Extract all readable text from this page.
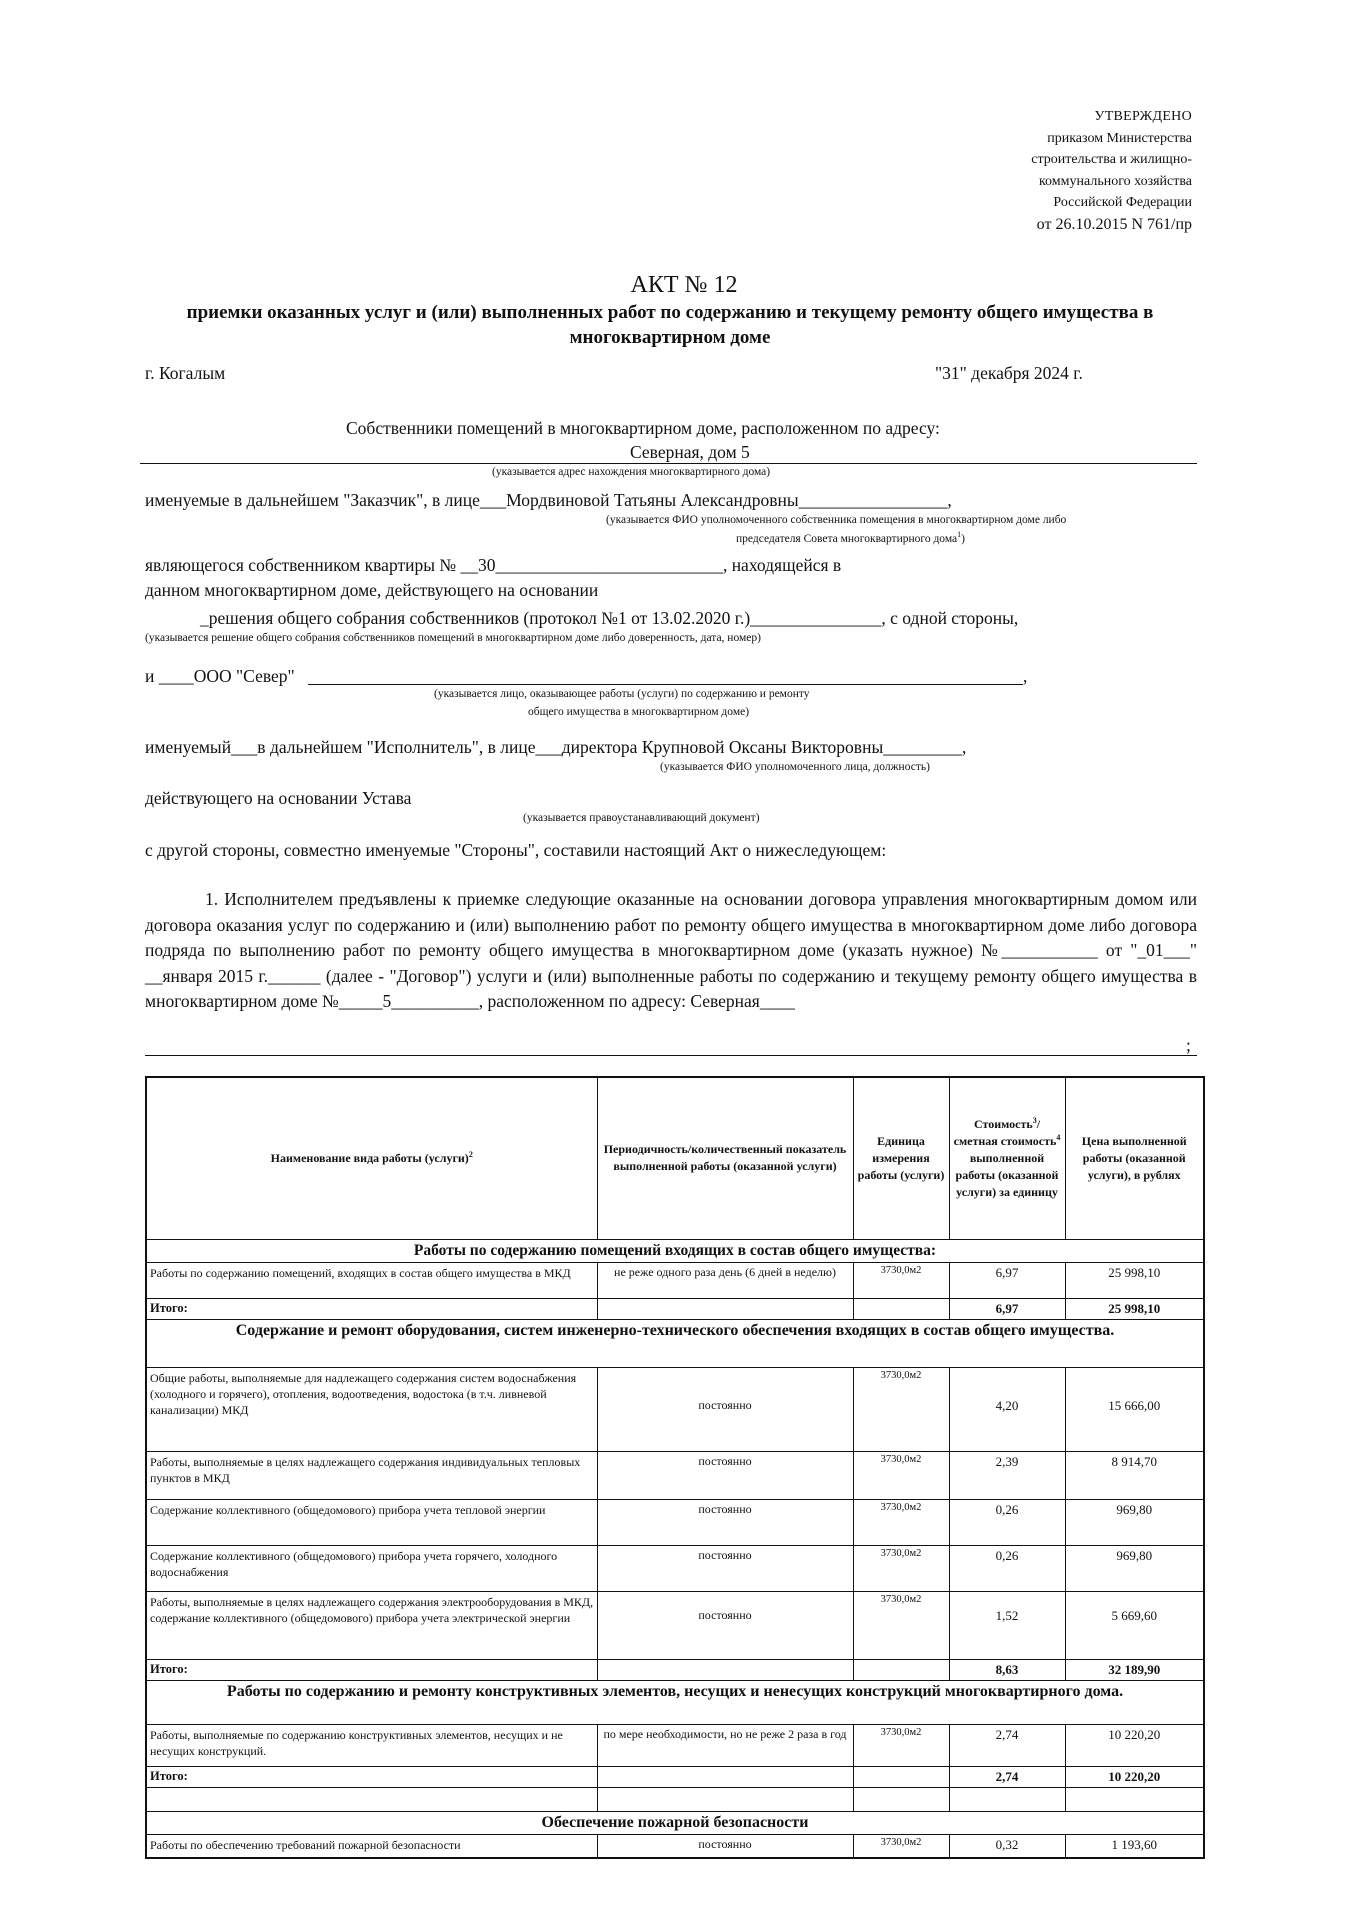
УТВЕРЖДЕНО
приказом Министерства
строительства и жилищно-
коммунального хозяйства
Российской Федерации
от 26.10.2015 N 761/пр
АКТ № 12
приемки оказанных услуг и (или) выполненных работ по содержанию и текущему ремонту общего имущества в многоквартирном доме
г. Когалым	"31" декабря 2024 г.
Собственники помещений в многоквартирном доме, расположенном по адресу:
Северная, дом 5
(указывается адрес нахождения многоквартирного дома)
именуемые в дальнейшем "Заказчик", в лице___Мордвиновой Татьяны Александровны_________________,
(указывается ФИО уполномоченного собственника помещения в многоквартирном доме либо
председателя Совета многоквартирного дома$^1$)
являющегося собственником квартиры № __30__________________________, находящейся в
данном многоквартирном доме, действующего на основании
_решения общего собрания собственников (протокол №1 от 13.02.2020 г.)_______________, с одной стороны,
(указывается решение общего собрания собственников помещений в многоквартирном доме либо доверенность, дата, номер)
и ____ООО "Север"	,
(указывается лицо, оказывающее работы (услуги) по содержанию и ремонту
общего имущества в многоквартирном доме)
именуемый___в дальнейшем "Исполнитель", в лице___директора Крупновой Оксаны Викторовны_________,
(указывается ФИО уполномоченного лица, должность)
действующего на основании Устава
(указывается правоустанавливающий документ)
с другой стороны, совместно именуемые "Стороны", составили настоящий Акт о нижеследующем:
1. Исполнителем предъявлены к приемке следующие оказанные на основании договора управления многоквартирным домом или договора оказания услуг по содержанию и (или) выполнению работ по ремонту общего имущества в многоквартирном доме либо договора подряда по выполнению работ по ремонту общего имущества в многоквартирном доме (указать нужное) №___________ от "_01___" __января 2015 г.______ (далее - "Договор") услуги и (или) выполненные работы по содержанию и текущему ремонту общего имущества в многоквартирном доме №_____5__________, расположенном по адресу: Северная____
;
Наименование вида работы (услуги)$^2$	Периодичность/количественный показатель выполненной работы (оказанной услуги)	Единица измерения работы (услуги)	Стоимость$^3$/сметная стоимость$^4$ выполненной работы (оказанной услуги) за единицу	Цена выполненной работы (оказанной услуги), в рублях
Работы по содержанию помещений входящих в состав общего имущества:				
Работы по содержанию помещений, входящих в состав общего имущества в МКД	не реже одного раза день (6 дней в неделю)	3730,0м2	6,97	25 998,10
Итого:			6,97	25 998,10
Содержание и ремонт оборудования, систем инженерно-технического обеспечения входящих в состав общего имущества.				
Общие работы, выполняемые для надлежащего содержания систем водоснабжения (холодного и горячего), отопления, водоотведения, водостока (в т.ч. ливневой канализации) МКД	постоянно	3730,0м2	4,20	15 666,00
Работы, выполняемые в целях надлежащего содержания индивидуальных тепловых пунктов в МКД	постоянно	3730,0м2	2,39	8 914,70
Содержание коллективного (общедомового) прибора учета тепловой энергии	постоянно	3730,0м2	0,26	969,80
Содержание коллективного (общедомового) прибора учета горячего, холодного водоснабжения	постоянно	3730,0м2	0,26	969,80
Работы, выполняемые в целях надлежащего содержания электрооборудования в МКД, содержание коллективного (общедомового) прибора учета электрической энергии	постоянно	3730,0м2	1,52	5 669,60
Итого:			8,63	32 189,90
Работы по содержанию и ремонту конструктивных элементов, несущих и ненесущих конструкций многоквартирного дома.				
Работы, выполняемые по содержанию конструктивных элементов, несущих и не несущих конструкций.	по мере необходимости, но не реже 2 раза в год	3730,0м2	2,74	10 220,20
Итого:			2,74	10 220,20

Обеспечение пожарной безопасности				
Работы по обеспечению требований пожарной безопасности	постоянно	3730,0м2	0,32	1 193,60
